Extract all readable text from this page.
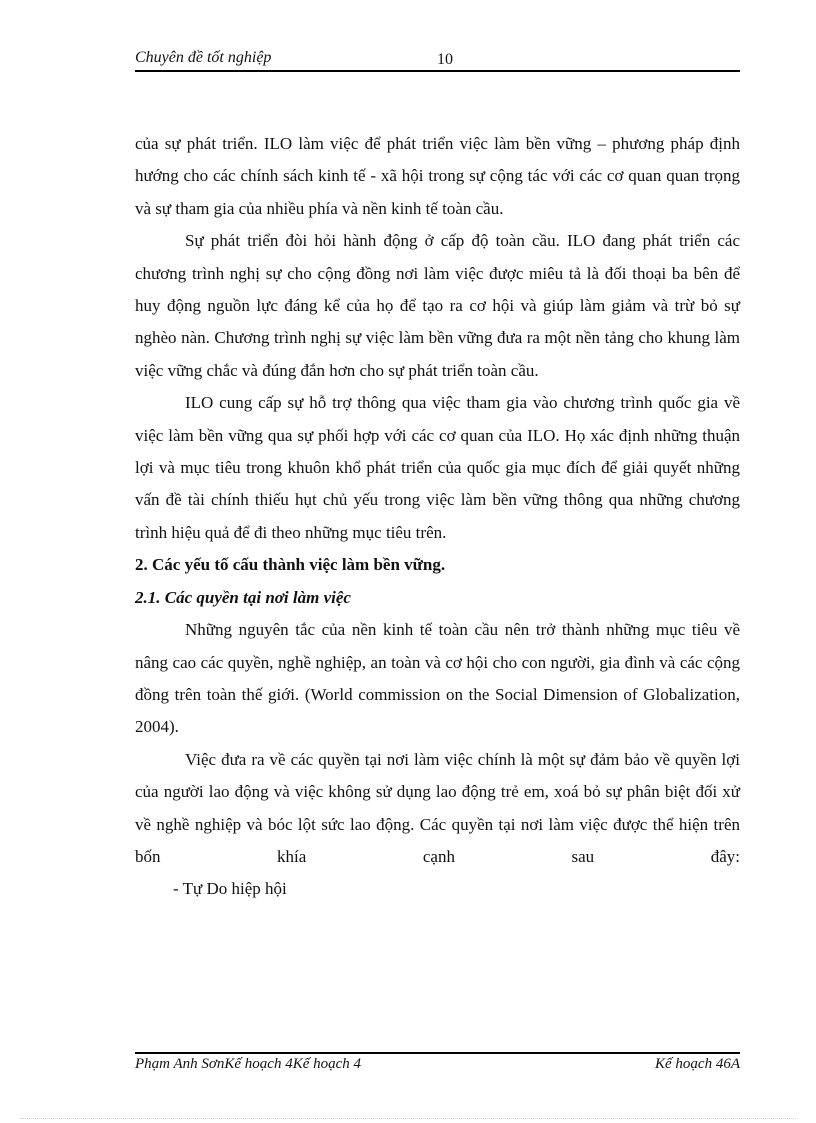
Chuyên đề tốt nghiệp	10

của sự phát triển. ILO làm việc để phát triển việc làm bền vững – phương pháp định hướng cho các chính sách kinh tế - xã hội trong sự cộng tác với các cơ quan quan trọng và sự tham gia của nhiều phía và nền kinh tế toàn cầu.

Sự phát triển đòi hỏi hành động ở cấp độ toàn cầu. ILO đang phát triển các chương trình nghị sự cho cộng đồng nơi làm việc được miêu tả là đối thoại ba bên để huy động nguồn lực đáng kể của họ để tạo ra cơ hội và giúp làm giảm và trừ bỏ sự nghèo nàn. Chương trình nghị sự việc làm bền vững đưa ra một nền tảng cho khung làm việc vững chắc và đúng đắn hơn cho sự phát triển toàn cầu.

ILO cung cấp sự hỗ trợ thông qua việc tham gia vào chương trình quốc gia về việc làm bền vững qua sự phối hợp với các cơ quan của ILO. Họ xác định những thuận lợi và mục tiêu trong khuôn khổ phát triển của quốc gia mục đích để giải quyết những vấn đề tài chính thiếu hụt chủ yếu trong việc làm bền vững thông qua những chương trình hiệu quả để đi theo những mục tiêu trên.

2. Các yếu tố cấu thành việc làm bền vững.

2.1. Các quyền tại nơi làm việc

Những nguyên tắc của nền kinh tế toàn cầu nên trở thành những mục tiêu về nâng cao các quyền, nghề nghiệp, an toàn và cơ hội cho con người, gia đình và các cộng đồng trên toàn thế giới. (World commission on the Social Dimension of Globalization, 2004).

Việc đưa ra về các quyền tại nơi làm việc chính là một sự đảm bảo về quyền lợi của người lao động và việc không sử dụng lao động trẻ em, xoá bỏ sự phân biệt đối xử về nghề nghiệp và bóc lột sức lao động. Các quyền tại nơi làm việc được thể hiện trên bốn khía cạnh sau đây:

- Tự Do hiệp hội

Phạm Anh SơnKế hoạch 4Kế hoạch 4	Kế hoạch 46A
